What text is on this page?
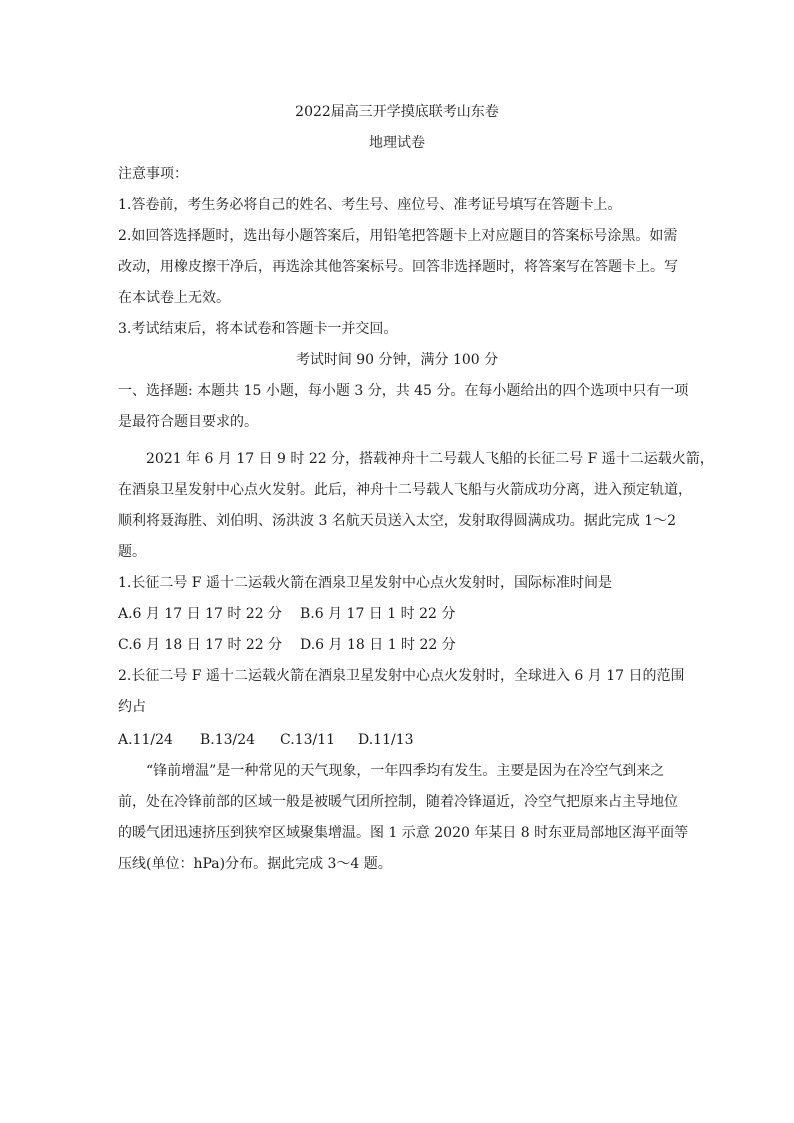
2022届高三开学摸底联考山东卷
地理试卷
注意事项：
1.答卷前，考生务必将自己的姓名、考生号、座位号、准考证号填写在答题卡上。
2.如回答选择题时，选出每小题答案后，用铅笔把答题卡上对应题目的答案标号涂黑。如需
改动，用橡皮擦干净后，再选涂其他答案标号。回答非选择题时，将答案写在答题卡上。写
在本试卷上无效。
3.考试结束后，将本试卷和答题卡一并交回。
考试时间 90 分钟，满分 100 分
一、选择题: 本题共 15 小题，每小题 3 分，共 45 分。在每小题给出的四个选项中只有一项
是最符合题目要求的。
2021 年 6 月 17 日 9 时 22 分，搭载神舟十二号载人飞船的长征二号 F 遥十二运载火箭，
在酒泉卫星发射中心点火发射。此后，神舟十二号载人飞船与火箭成功分离，进入预定轨道，
顺利将聂海胜、刘伯明、汤洪波 3 名航天员送入太空，发射取得圆满成功。据此完成 1～2
题。
1.长征二号 F 遥十二运载火箭在酒泉卫星发射中心点火发射时，国际标准时间是
A.6 月 17 日 17 时 22 分 B.6 月 17 日 1 时 22 分
C.6 月 18 日 17 时 22 分 D.6 月 18 日 1 时 22 分
2.长征二号 F 遥十二运载火箭在酒泉卫星发射中心点火发射时，全球进入 6 月 17 日的范围
约占
A.11/24 B.13/24 C.13/11 D.11/13
“锋前增温”是一种常见的天气现象，一年四季均有发生。主要是因为在冷空气到来之
前，处在冷锋前部的区域一般是被暖气团所控制，随着冷锋逼近，冷空气把原来占主导地位
的暖气团迅速挤压到狭窄区域聚集增温。图 1 示意 2020 年某日 8 时东亚局部地区海平面等
压线(单位：hPa)分布。据此完成 3～4 题。
